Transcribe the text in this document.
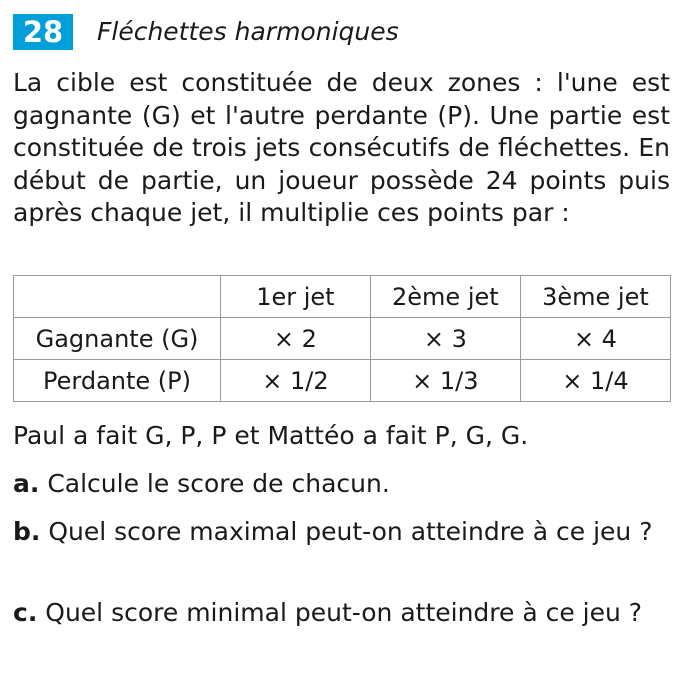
28	Fléchettes harmoniques

La cible est constituée de deux zones : l'une est gagnante (G) et l'autre perdante (P). Une partie est constituée de trois jets consécutifs de fléchettes. En début de partie, un joueur possède 24 points puis après chaque jet, il multiplie ces points par :

	1er jet	2ème jet	3ème jet
Gagnante (G)	× 2	× 3	× 4
Perdante (P)	× 1/2	× 1/3	× 1/4

Paul a fait G, P, P et Mattéo a fait P, G, G.

a. Calcule le score de chacun.

b. Quel score maximal peut-on atteindre à ce jeu ?

c. Quel score minimal peut-on atteindre à ce jeu ?
